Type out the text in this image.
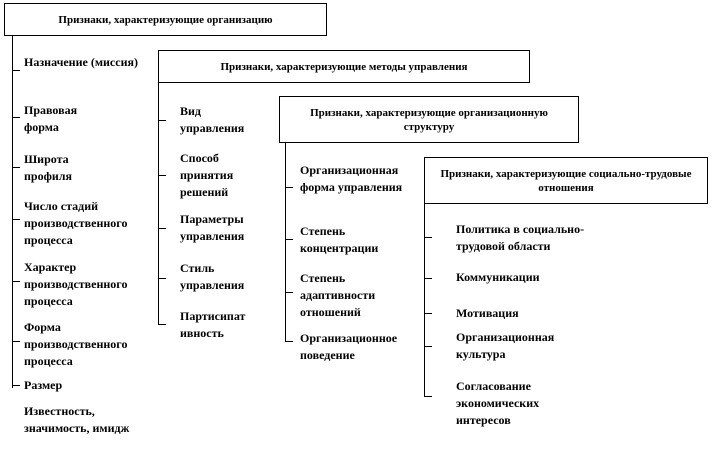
Признаки, характеризующие организацию
Признаки, характеризующие методы управления
Признаки, характеризующие организационную структуру
Признаки, характеризующие социально-трудовые отношения
Назначение (миссия)
Правовая форма
Широта профиля
Число стадий производственного процесса
Характер производственного процесса
Форма производственного процесса
Размер
Известность, значимость, имидж
Вид управления
Способ принятия решений
Параметры управления
Стиль управления
Партисипативность
Организационная форма управления
Степень концентрации
Степень адаптивности отношений
Организационное поведение
Политика в социально-трудовой области
Коммуникации
Мотивация
Организационная культура
Согласование экономических интересов
